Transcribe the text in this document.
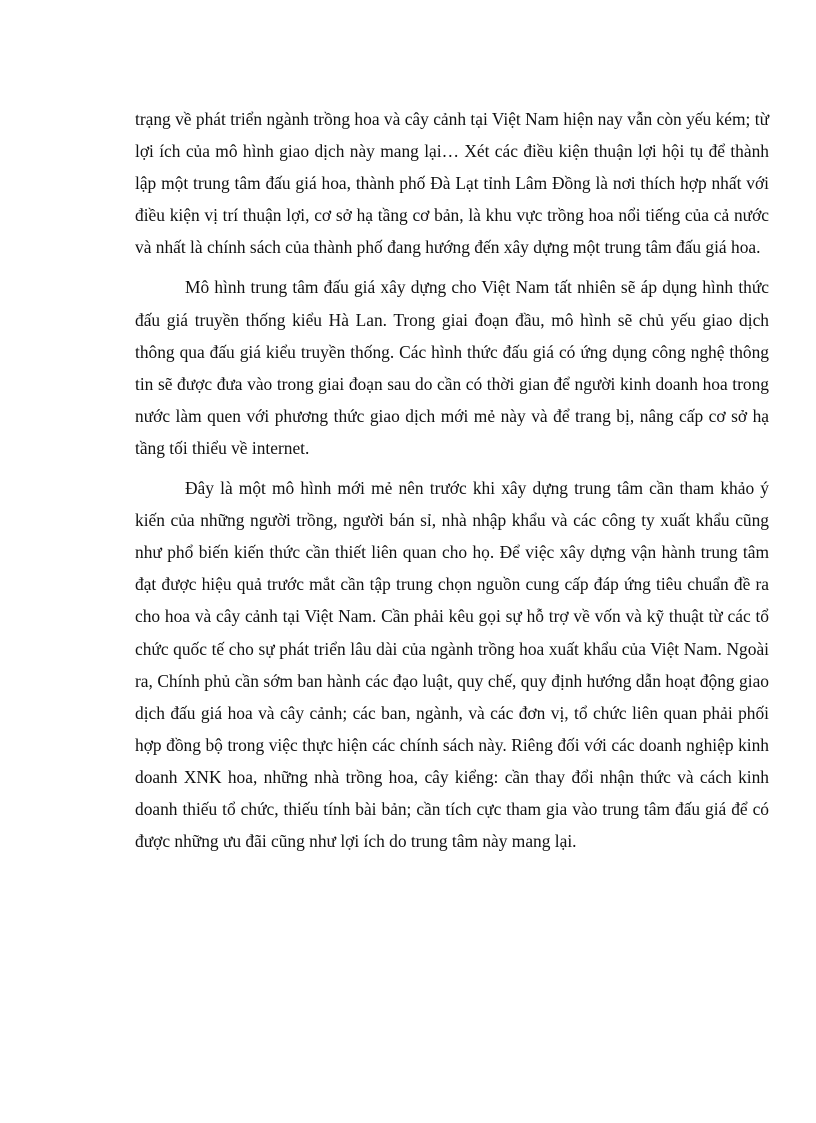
trạng về phát triển ngành trồng hoa và cây cảnh tại Việt Nam hiện nay vẫn còn yếu kém; từ lợi ích của mô hình giao dịch này mang lại… Xét các điều kiện thuận lợi hội tụ để thành lập một trung tâm đấu giá hoa, thành phố Đà Lạt tỉnh Lâm Đồng là nơi thích hợp nhất với điều kiện vị trí thuận lợi, cơ sở hạ tầng cơ bản, là khu vực trồng hoa nổi tiếng của cả nước và nhất là chính sách của thành phố đang hướng đến xây dựng một trung tâm đấu giá hoa.

Mô hình trung tâm đấu giá xây dựng cho Việt Nam tất nhiên sẽ áp dụng hình thức đấu giá truyền thống kiểu Hà Lan. Trong giai đoạn đầu, mô hình sẽ chủ yếu giao dịch thông qua đấu giá kiểu truyền thống. Các hình thức đấu giá có ứng dụng công nghệ thông tin sẽ được đưa vào trong giai đoạn sau do cần có thời gian để người kinh doanh hoa trong nước làm quen với phương thức giao dịch mới mẻ này và để trang bị, nâng cấp cơ sở hạ tầng tối thiểu về internet.

Đây là một mô hình mới mẻ nên trước khi xây dựng trung tâm cần tham khảo ý kiến của những người trồng, người bán sỉ, nhà nhập khẩu và các công ty xuất khẩu cũng như phổ biến kiến thức cần thiết liên quan cho họ. Để việc xây dựng vận hành trung tâm đạt được hiệu quả trước mắt cần tập trung chọn nguồn cung cấp đáp ứng tiêu chuẩn đề ra cho hoa và cây cảnh tại Việt Nam. Cần phải kêu gọi sự hỗ trợ về vốn và kỹ thuật từ các tổ chức quốc tế cho sự phát triển lâu dài của ngành trồng hoa xuất khẩu của Việt Nam. Ngoài ra, Chính phủ cần sớm ban hành các đạo luật, quy chế, quy định hướng dẫn hoạt động giao dịch đấu giá hoa và cây cảnh; các ban, ngành, và các đơn vị, tổ chức liên quan phải phối hợp đồng bộ trong việc thực hiện các chính sách này. Riêng đối với các doanh nghiệp kinh doanh XNK hoa, những nhà trồng hoa, cây kiểng: cần thay đổi nhận thức và cách kinh doanh thiếu tổ chức, thiếu tính bài bản; cần tích cực tham gia vào trung tâm đấu giá để có được những ưu đãi cũng như lợi ích do trung tâm này mang lại.
